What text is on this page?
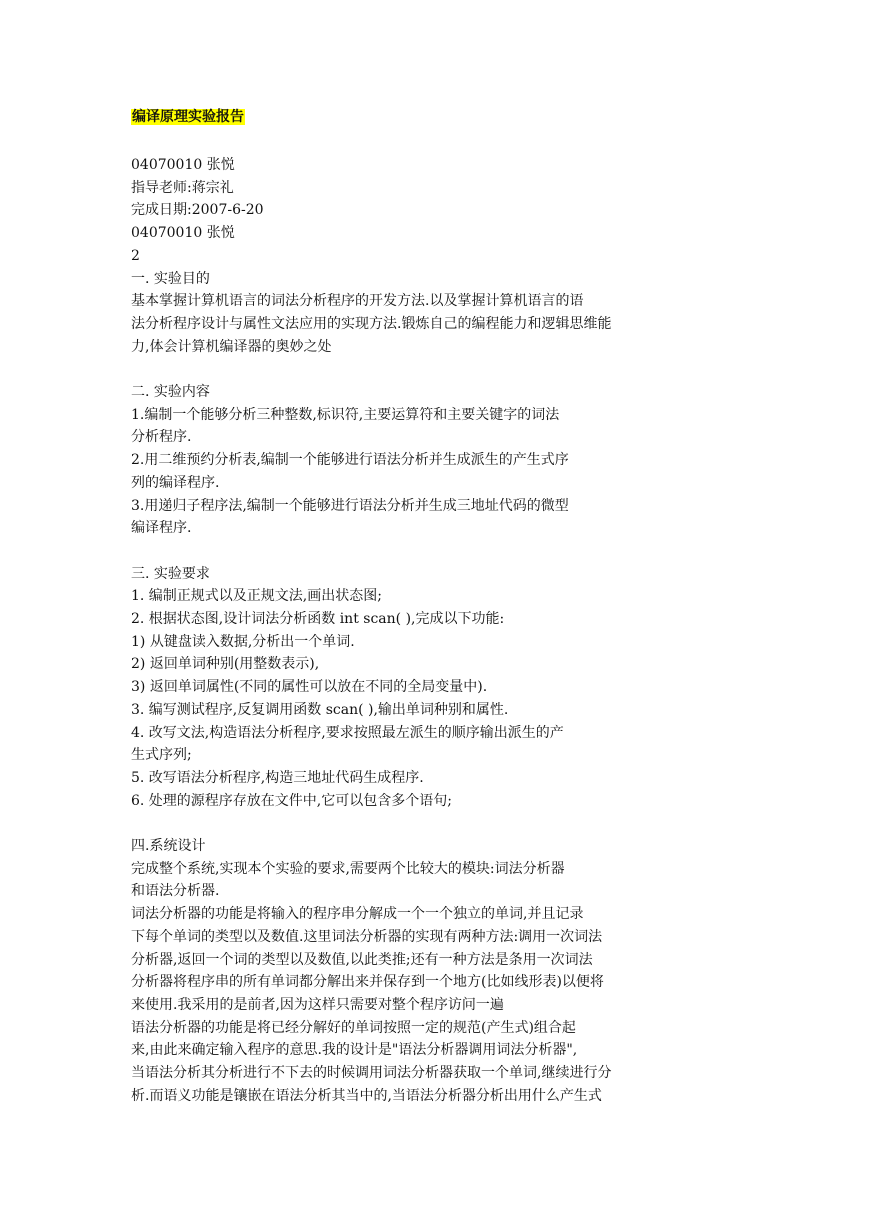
编译原理实验报告
04070010 张悦
指导老师:蒋宗礼
完成日期:2007-6-20
04070010 张悦
2
一. 实验目的
基本掌握计算机语言的词法分析程序的开发方法.以及掌握计算机语言的语
法分析程序设计与属性文法应用的实现方法.锻炼自己的编程能力和逻辑思维能
力,体会计算机编译器的奥妙之处
二. 实验内容
1.编制一个能够分析三种整数,标识符,主要运算符和主要关键字的词法
分析程序.
2.用二维预约分析表,编制一个能够进行语法分析并生成派生的产生式序
列的编译程序.
3.用递归子程序法,编制一个能够进行语法分析并生成三地址代码的微型
编译程序.
三. 实验要求
1. 编制正规式以及正规文法,画出状态图;
2. 根据状态图,设计词法分析函数 int scan( ),完成以下功能:
1) 从键盘读入数据,分析出一个单词.
2) 返回单词种别(用整数表示),
3) 返回单词属性(不同的属性可以放在不同的全局变量中).
3. 编写测试程序,反复调用函数 scan( ),输出单词种别和属性.
4. 改写文法,构造语法分析程序,要求按照最左派生的顺序输出派生的产
生式序列;
5. 改写语法分析程序,构造三地址代码生成程序.
6. 处理的源程序存放在文件中,它可以包含多个语句;
四.系统设计
完成整个系统,实现本个实验的要求,需要两个比较大的模块:词法分析器
和语法分析器.
词法分析器的功能是将输入的程序串分解成一个一个独立的单词,并且记录
下每个单词的类型以及数值.这里词法分析器的实现有两种方法:调用一次词法
分析器,返回一个词的类型以及数值,以此类推;还有一种方法是条用一次词法
分析器将程序串的所有单词都分解出来并保存到一个地方(比如线形表)以便将
来使用.我采用的是前者,因为这样只需要对整个程序访问一遍
语法分析器的功能是将已经分解好的单词按照一定的规范(产生式)组合起
来,由此来确定输入程序的意思.我的设计是"语法分析器调用词法分析器",
当语法分析其分析进行不下去的时候调用词法分析器获取一个单词,继续进行分
析.而语义功能是镶嵌在语法分析其当中的,当语法分析器分析出用什么产生式
